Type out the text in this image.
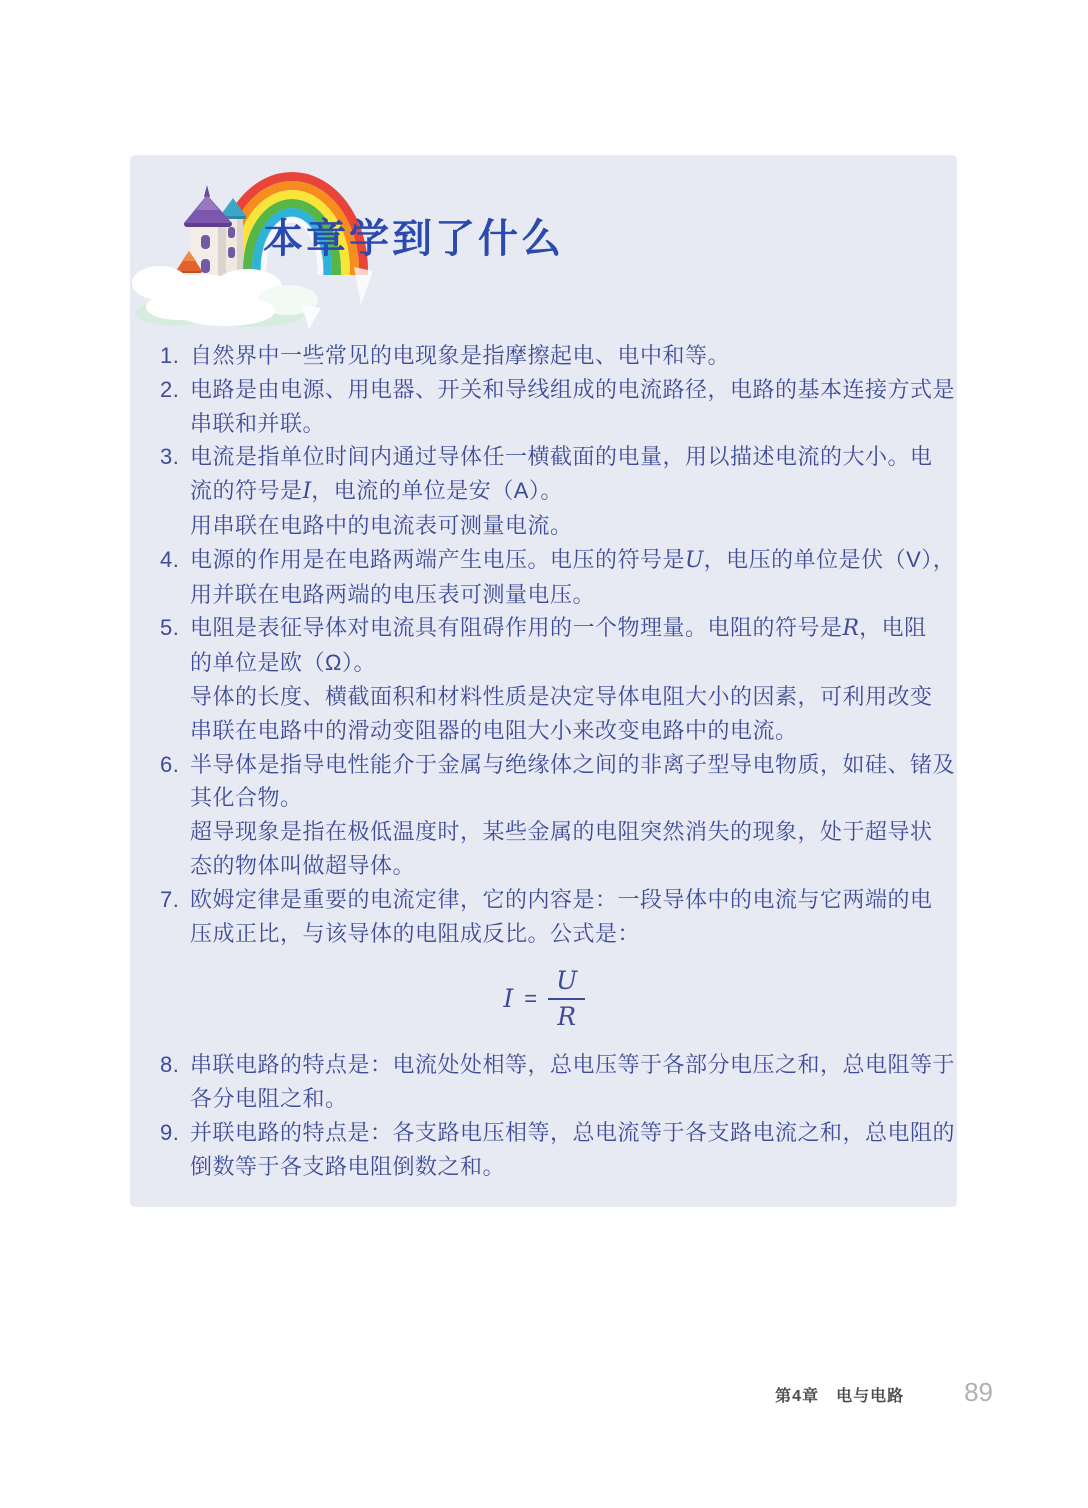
本章学到了什么
1. 自然界中一些常见的电现象是指摩擦起电、电中和等。
2. 电路是由电源、用电器、开关和导线组成的电流路径，电路的基本连接方式是
串联和并联。
3. 电流是指单位时间内通过导体任一横截面的电量，用以描述电流的大小。电
流的符号是I，电流的单位是安（A）。
用串联在电路中的电流表可测量电流。
4. 电源的作用是在电路两端产生电压。电压的符号是U，电压的单位是伏（V），
用并联在电路两端的电压表可测量电压。
5. 电阻是表征导体对电流具有阻碍作用的一个物理量。电阻的符号是R，电阻
的单位是欧（Ω）。
导体的长度、横截面积和材料性质是决定导体电阻大小的因素，可利用改变
串联在电路中的滑动变阻器的电阻大小来改变电路中的电流。
6. 半导体是指导电性能介于金属与绝缘体之间的非离子型导电物质，如硅、锗及
其化合物。
超导现象是指在极低温度时，某些金属的电阻突然消失的现象，处于超导状
态的物体叫做超导体。
7. 欧姆定律是重要的电流定律，它的内容是：一段导体中的电流与它两端的电
压成正比，与该导体的电阻成反比。公式是：
$I = \frac{U}{R}$
8. 串联电路的特点是：电流处处相等，总电压等于各部分电压之和，总电阻等于
各分电阻之和。
9. 并联电路的特点是：各支路电压相等，总电流等于各支路电流之和，总电阻的
倒数等于各支路电阻倒数之和。
第4章　电与电路 89
